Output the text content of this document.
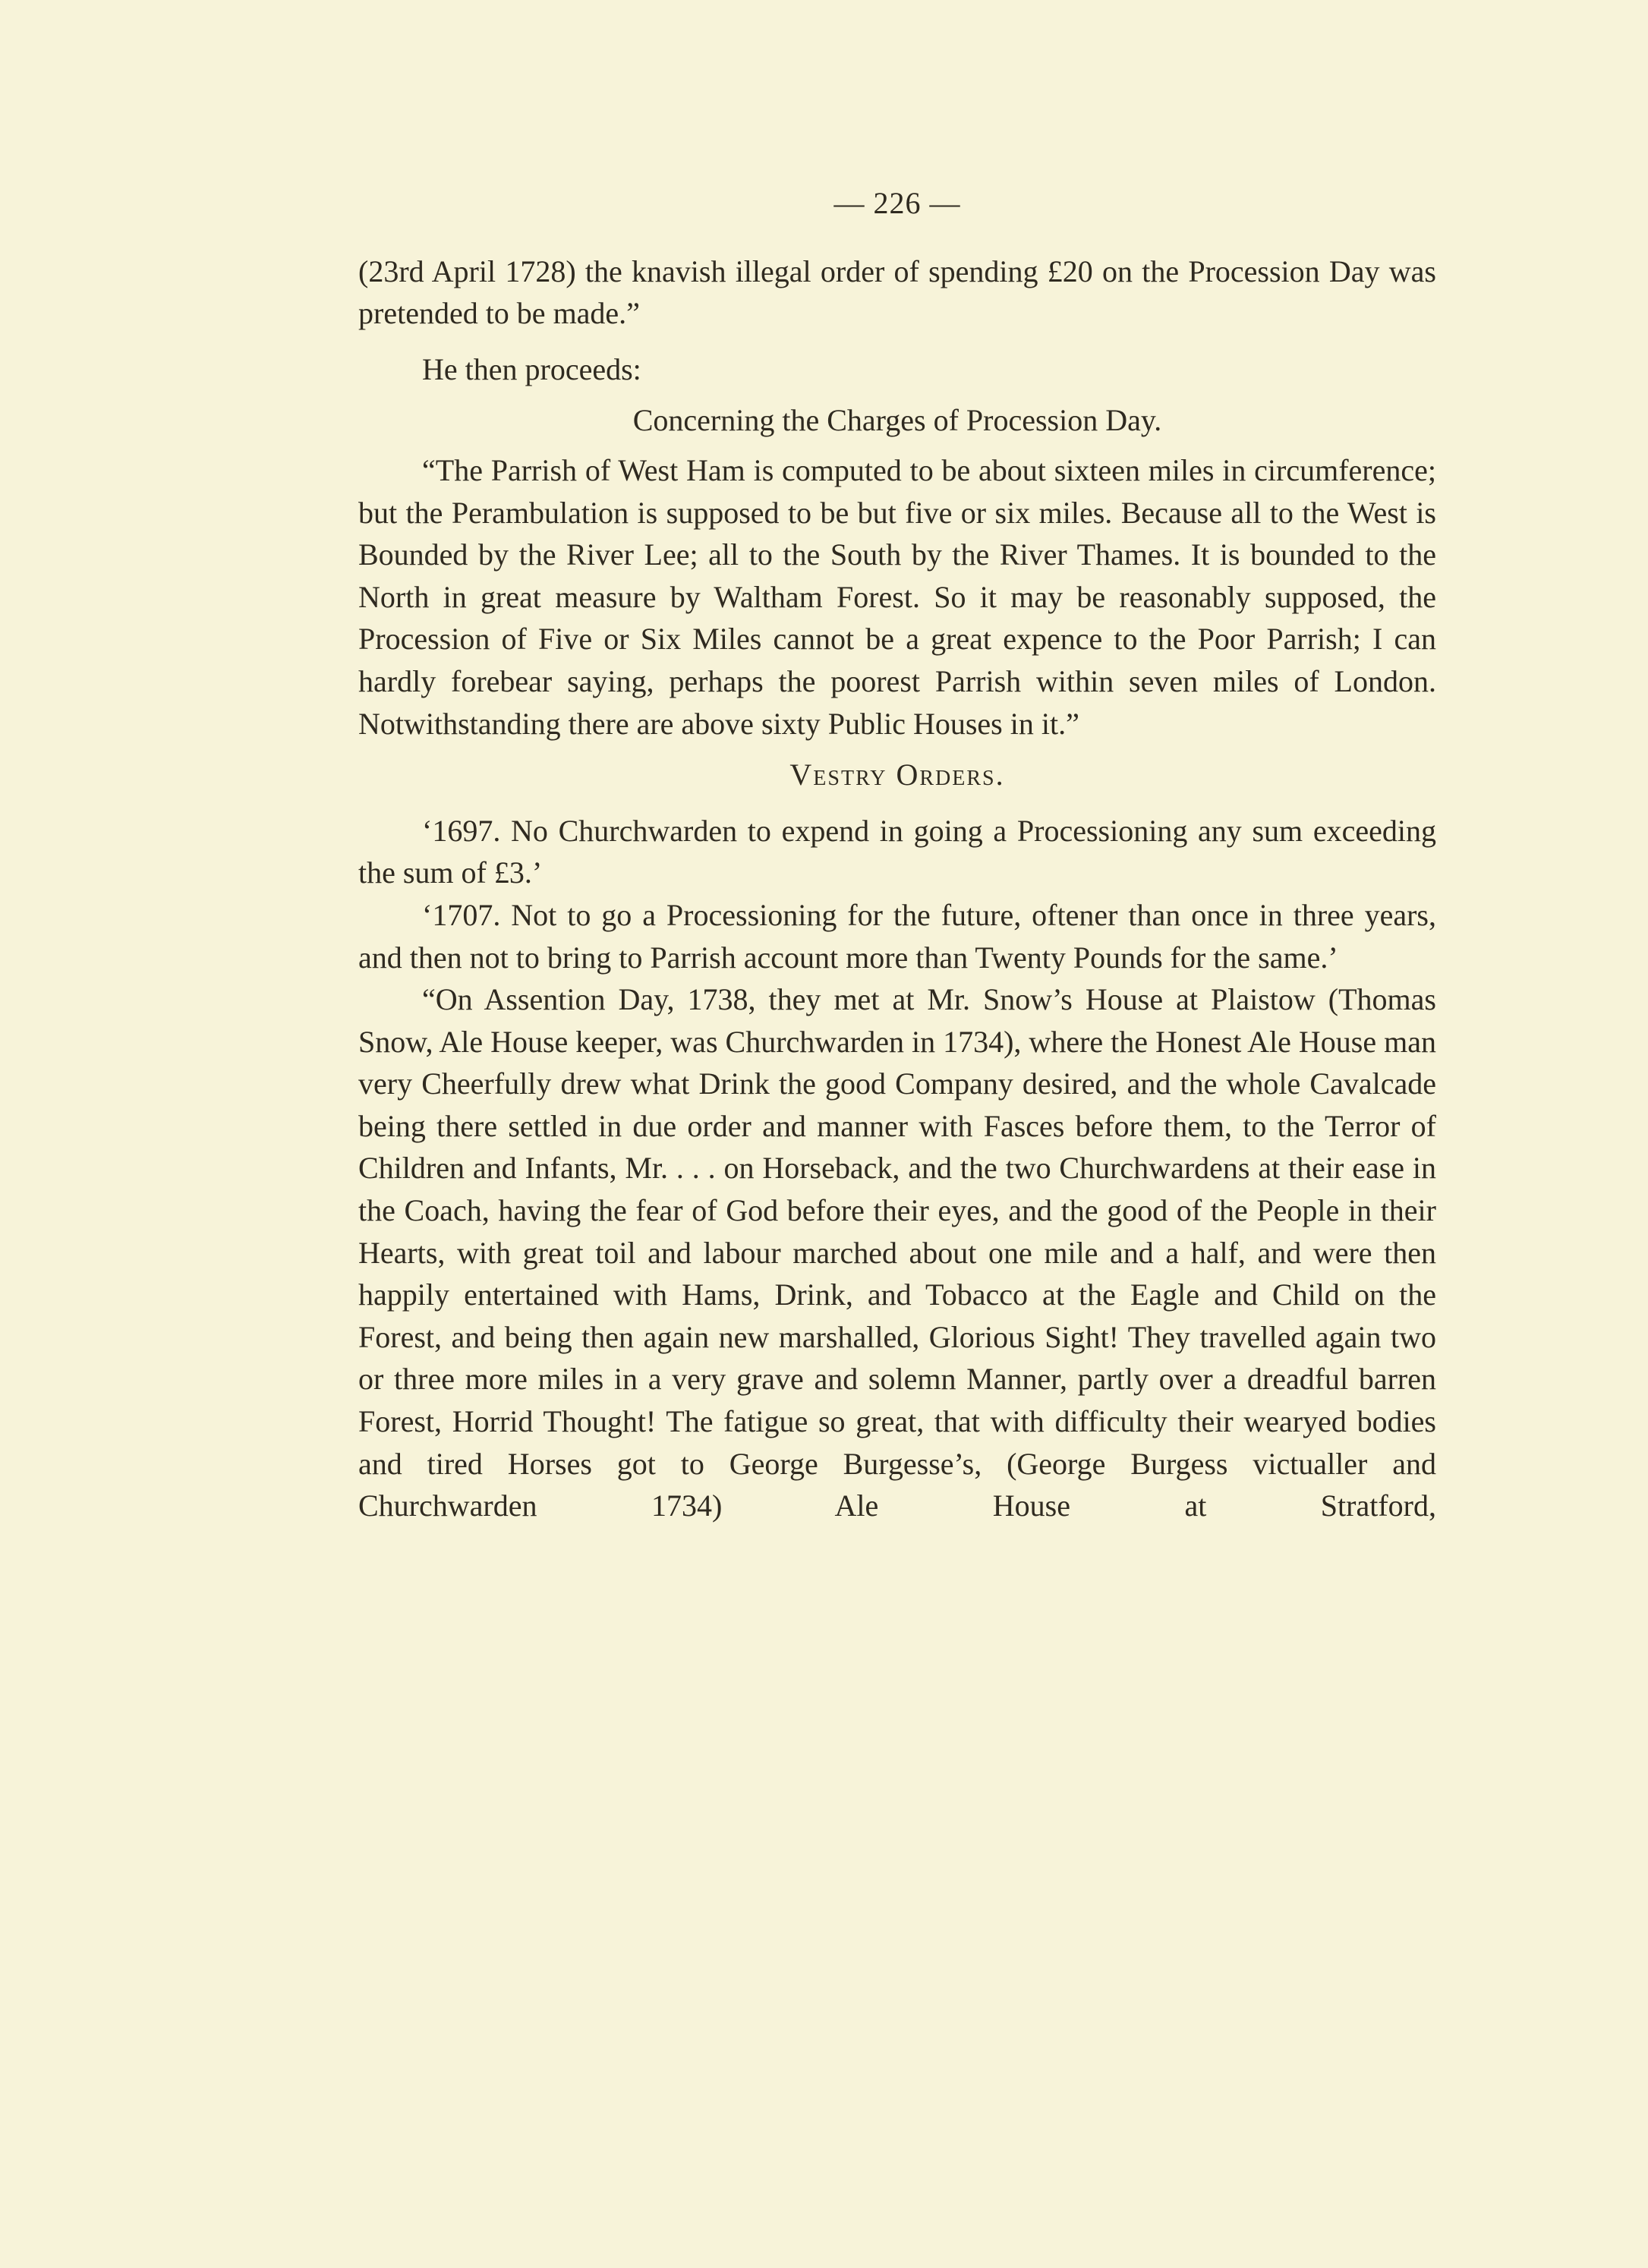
— 226 —

(23rd April 1728) the knavish illegal order of spending £20 on the Procession Day was pretended to be made.”

He then proceeds:

Concerning the Charges of Procession Day.

“The Parrish of West Ham is computed to be about sixteen miles in circumference; but the Perambulation is supposed to be but five or six miles. Because all to the West is Bounded by the River Lee; all to the South by the River Thames. It is bounded to the North in great measure by Waltham Forest. So it may be reasonably supposed, the Procession of Five or Six Miles cannot be a great expence to the Poor Parrish; I can hardly forebear saying, perhaps the poorest Parrish within seven miles of London. Notwithstanding there are above sixty Public Houses in it.”

Vestry Orders.

‘1697. No Churchwarden to expend in going a Processioning any sum exceeding the sum of £3.’

‘1707. Not to go a Processioning for the future, oftener than once in three years, and then not to bring to Parrish account more than Twenty Pounds for the same.’

“On Assention Day, 1738, they met at Mr. Snow’s House at Plaistow (Thomas Snow, Ale House keeper, was Churchwarden in 1734), where the Honest Ale House man very Cheerfully drew what Drink the good Company desired, and the whole Cavalcade being there settled in due order and manner with Fasces before them, to the Terror of Children and Infants, Mr. . . . on Horseback, and the two Churchwardens at their ease in the Coach, having the fear of God before their eyes, and the good of the People in their Hearts, with great toil and labour marched about one mile and a half, and were then happily entertained with Hams, Drink, and Tobacco at the Eagle and Child on the Forest, and being then again new marshalled, Glorious Sight! They travelled again two or three more miles in a very grave and solemn Manner, partly over a dreadful barren Forest, Horrid Thought! The fatigue so great, that with difficulty their wearyed bodies and tired Horses got to George Burgesse’s, (George Burgess victualler and Churchwarden 1734) Ale House at Stratford,
